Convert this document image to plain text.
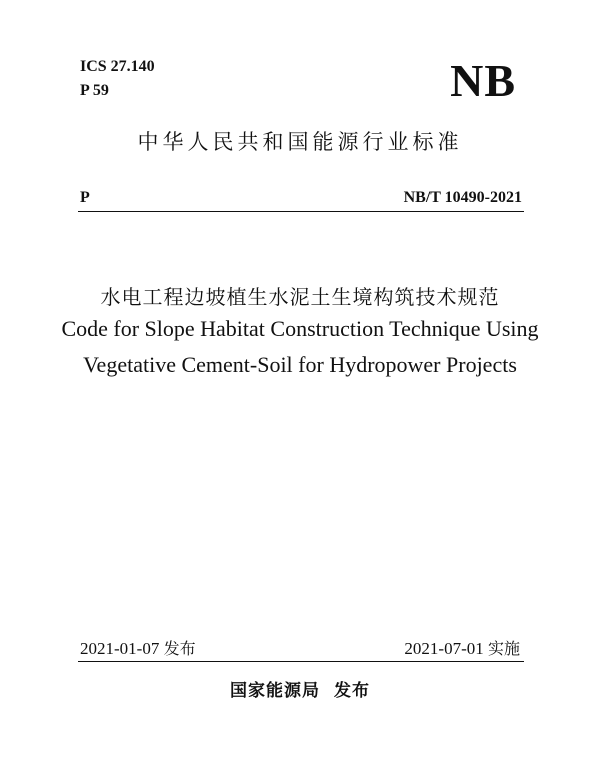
ICS 27.140
P 59	NB
中华人民共和国能源行业标准
P	NB/T 10490-2021
水电工程边坡植生水泥土生境构筑技术规范
Code for Slope Habitat Construction Technique Using
Vegetative Cement-Soil for Hydropower Projects
2021-01-07 发布	2021-07-01 实施
国家能源局 发布
